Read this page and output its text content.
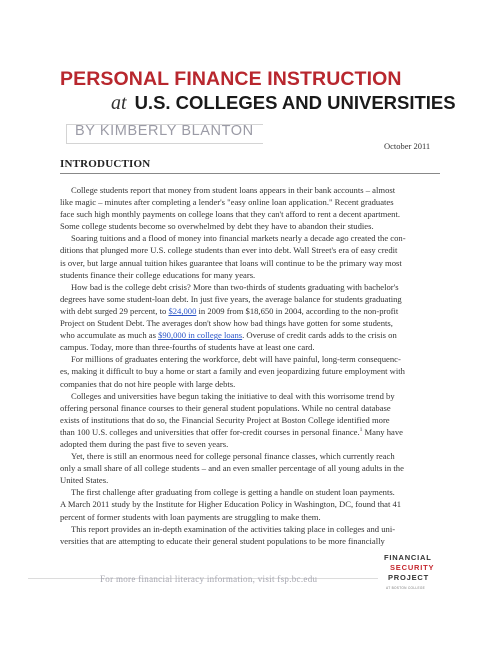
PERSONAL FINANCE INSTRUCTION
at U.S. COLLEGES AND UNIVERSITIES
BY KIMBERLY BLANTON
October 2011
INTRODUCTION
College students report that money from student loans appears in their bank accounts – almost
like magic – minutes after completing a lender's "easy online loan application." Recent graduates
face such high monthly payments on college loans that they can't afford to rent a decent apartment.
Some college students become so overwhelmed by debt they have to abandon their studies.
Soaring tuitions and a flood of money into financial markets nearly a decade ago created the con-
ditions that plunged more U.S. college students than ever into debt. Wall Street's era of easy credit
is over, but large annual tuition hikes guarantee that loans will continue to be the primary way most
students finance their college educations for many years.
How bad is the college debt crisis? More than two-thirds of students graduating with bachelor's
degrees have some student-loan debt. In just five years, the average balance for students graduating
with debt surged 29 percent, to $24,000 in 2009 from $18,650 in 2004, according to the non-profit
Project on Student Debt. The averages don't show how bad things have gotten for some students,
who accumulate as much as $90,000 in college loans. Overuse of credit cards adds to the crisis on
campus. Today, more than three-fourths of students have at least one card.
For millions of graduates entering the workforce, debt will have painful, long-term consequenc-
es, making it difficult to buy a home or start a family and even jeopardizing future employment with
companies that do not hire people with large debts.
Colleges and universities have begun taking the initiative to deal with this worrisome trend by
offering personal finance courses to their general student populations. While no central database
exists of institutions that do so, the Financial Security Project at Boston College identified more
than 100 U.S. colleges and universities that offer for-credit courses in personal finance.$^1$ Many have
adopted them during the past five to seven years.
Yet, there is still an enormous need for college personal finance classes, which currently reach
only a small share of all college students – and an even smaller percentage of all young adults in the
United States.
The first challenge after graduating from college is getting a handle on student loan payments.
A March 2011 study by the Institute for Higher Education Policy in Washington, DC, found that 41
percent of former students with loan payments are struggling to make them.
This report provides an in-depth examination of the activities taking place in colleges and uni-
versities that are attempting to educate their general student populations to be more financially
For more financial literacy information, visit fsp.bc.edu
FINANCIAL
SECURITY
PROJECT
AT BOSTON COLLEGE
